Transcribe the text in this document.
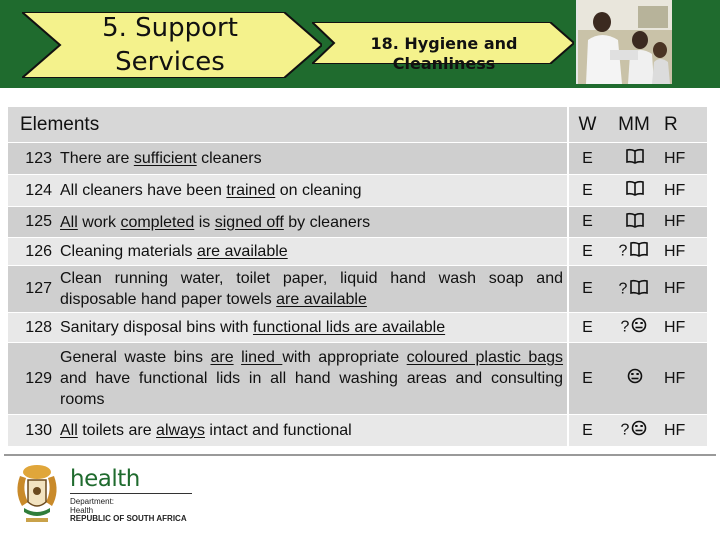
5. Support Services
18. Hygiene and Cleanliness
Elements		W	MM	R
123	There are sufficient cleaners	E		HF
124	All cleaners have been trained on cleaning	E		HF
125	All work completed is signed off by cleaners	E		HF
126	Cleaning materials are available	E	?	HF
127	Clean running water, toilet paper, liquid hand wash soap and disposable hand paper towels are available	E	?	HF
128	Sanitary disposal bins with functional lids are available	E	?	HF
129	General waste bins are lined with appropriate coloured plastic bags and have functional lids in all hand washing areas and consulting rooms	E		HF
130	All toilets are always intact and functional	E	?	HF
health
Department:
Health
REPUBLIC OF SOUTH AFRICA
